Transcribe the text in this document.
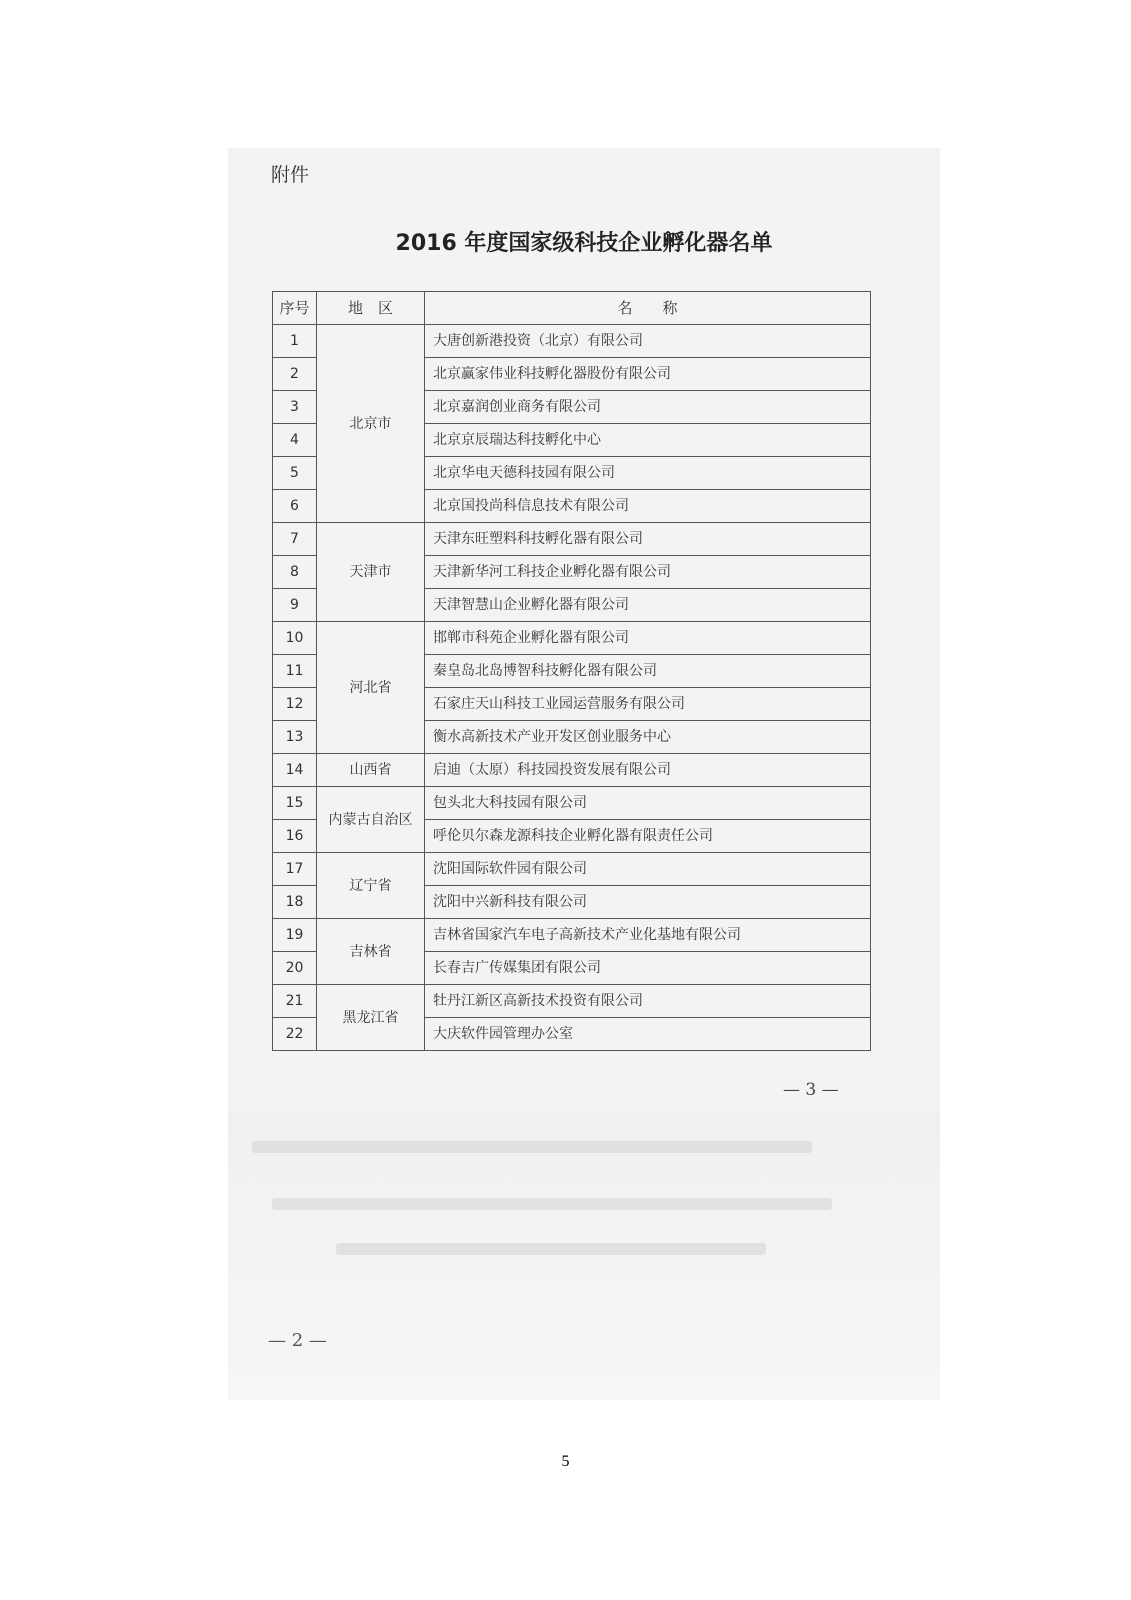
附件
2016 年度国家级科技企业孵化器名单
序号	地　区	名　　称
1	北京市	大唐创新港投资（北京）有限公司
2		北京赢家伟业科技孵化器股份有限公司
3		北京嘉润创业商务有限公司
4		北京京辰瑞达科技孵化中心
5		北京华电天德科技园有限公司
6		北京国投尚科信息技术有限公司
7	天津市	天津东旺塑料科技孵化器有限公司
8		天津新华河工科技企业孵化器有限公司
9		天津智慧山企业孵化器有限公司
10	河北省	邯郸市科苑企业孵化器有限公司
11		秦皇岛北岛博智科技孵化器有限公司
12		石家庄天山科技工业园运营服务有限公司
13		衡水高新技术产业开发区创业服务中心
14	山西省	启迪（太原）科技园投资发展有限公司
15	内蒙古自治区	包头北大科技园有限公司
16		呼伦贝尔森龙源科技企业孵化器有限责任公司
17	辽宁省	沈阳国际软件园有限公司
18		沈阳中兴新科技有限公司
19	吉林省	吉林省国家汽车电子高新技术产业化基地有限公司
20		长春吉广传媒集团有限公司
21	黑龙江省	牡丹江新区高新技术投资有限公司
22		大庆软件园管理办公室
— 3 —
— 2 —
5
